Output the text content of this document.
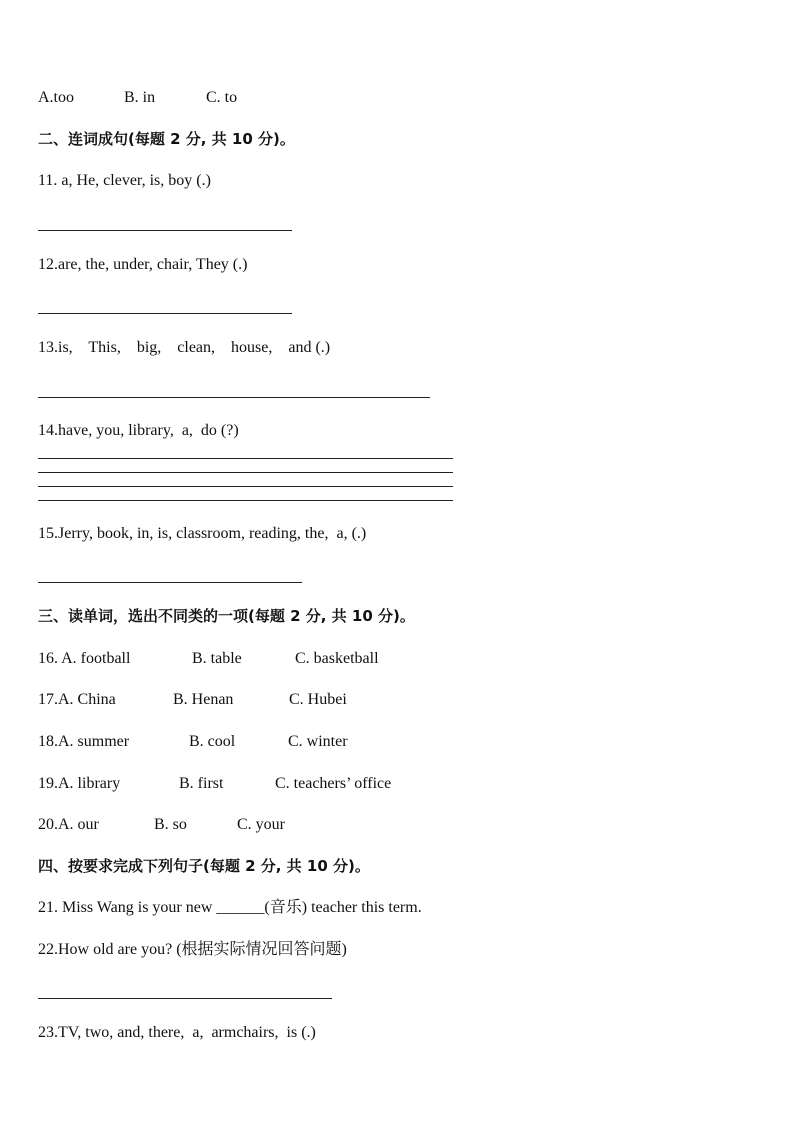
A.too	B. in	C. to
二、连词成句(每题 2 分, 共 10 分)。
11. a, He, clever, is, boy (.)
12.are, the, under, chair, They (.)
13.is,    This,    big,    clean,    house,    and (.)
14.have, you, library,  a,  do (?)
15.Jerry, book, in, is, classroom, reading, the,  a, (.)
三、读单词，选出不同类的一项(每题 2 分, 共 10 分)。
16. A. football	B. table	C. basketball
17.A. China	B. Henan	C. Hubei
18.A. summer	B. cool	C. winter
19.A. library	B. first	C. teachers’ office
20.A. our	B. so	C. your
四、按要求完成下列句子(每题 2 分, 共 10 分)。
21. Miss Wang is your new ______(音乐) teacher this term.
22.How old are you? (根据实际情况回答问题)
23.TV, two, and, there,  a,  armchairs,  is (.)
